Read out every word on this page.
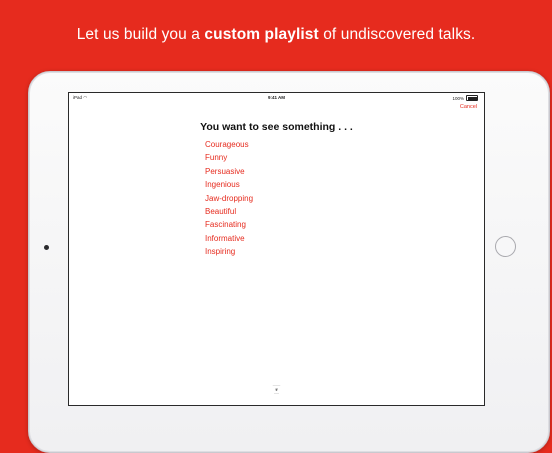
Let us build you a custom playlist of undiscovered talks.
iPad ◠	9:41 AM	100%
Cancel
You want to see something . . .
Courageous
Funny
Persuasive
Ingenious
Jaw-dropping
Beautiful
Fascinating
Informative
Inspiring
———
❦
——
